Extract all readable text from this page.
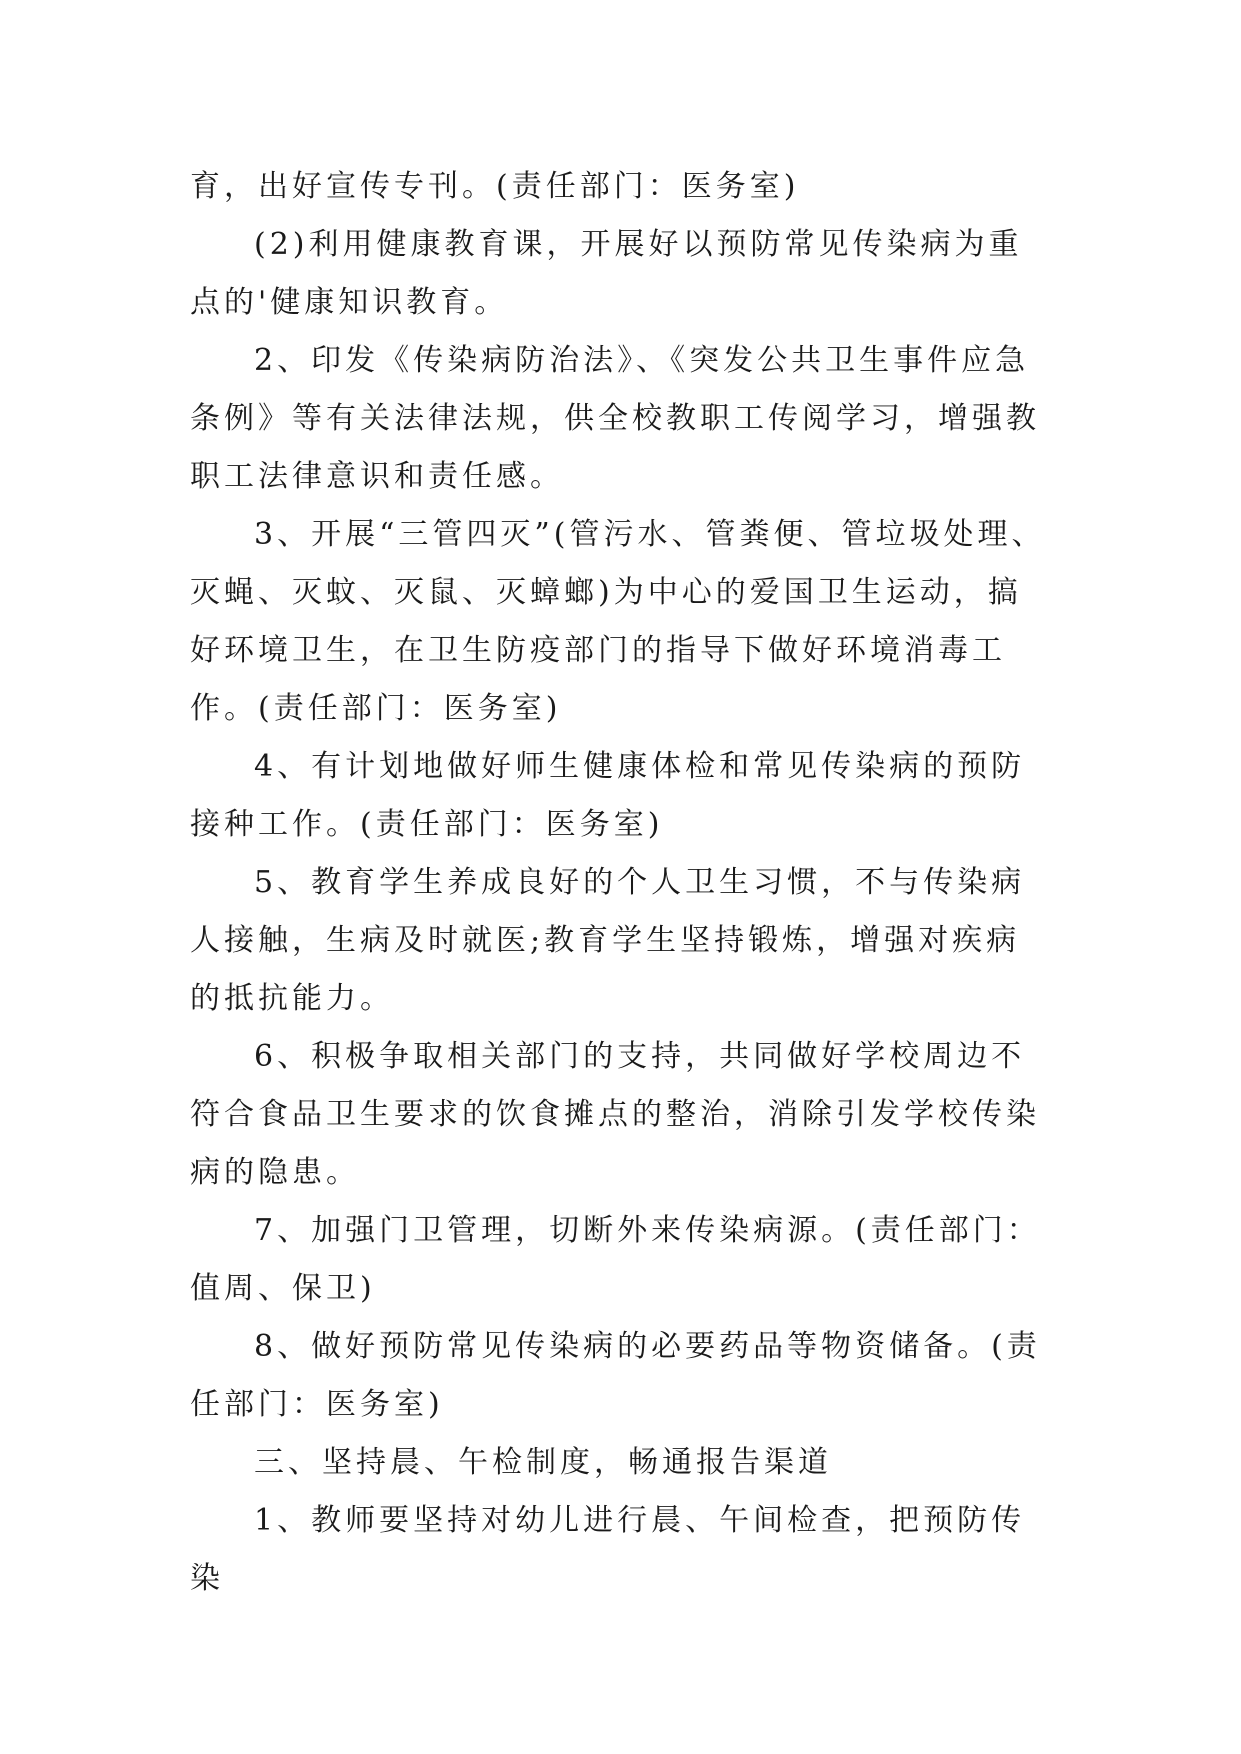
育，出好宣传专刊。(责任部门：医务室)

(2)利用健康教育课，开展好以预防常见传染病为重点的'健康知识教育。

2、印发《传染病防治法》、《突发公共卫生事件应急条例》等有关法律法规，供全校教职工传阅学习，增强教职工法律意识和责任感。

3、开展“三管四灭”(管污水、管粪便、管垃圾处理、灭蝇、灭蚊、灭鼠、灭蟑螂)为中心的爱国卫生运动，搞好环境卫生，在卫生防疫部门的指导下做好环境消毒工作。(责任部门：医务室)

4、有计划地做好师生健康体检和常见传染病的预防接种工作。(责任部门：医务室)

5、教育学生养成良好的个人卫生习惯，不与传染病人接触，生病及时就医;教育学生坚持锻炼，增强对疾病的抵抗能力。

6、积极争取相关部门的支持，共同做好学校周边不符合食品卫生要求的饮食摊点的整治，消除引发学校传染病的隐患。

7、加强门卫管理，切断外来传染病源。(责任部门：值周、保卫)

8、做好预防常见传染病的必要药品等物资储备。(责任部门：医务室)

三、坚持晨、午检制度，畅通报告渠道

1、教师要坚持对幼儿进行晨、午间检查，把预防传染
